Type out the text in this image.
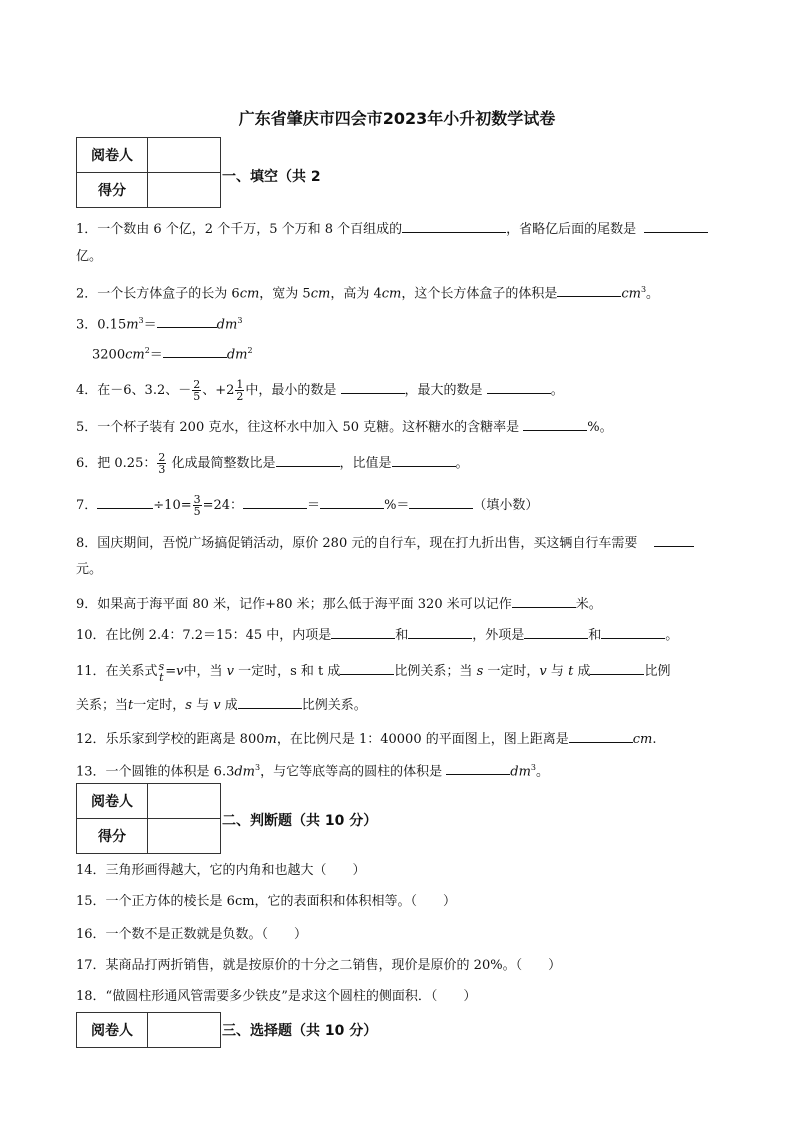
广东省肇庆市四会市2023年小升初数学试卷
阅卷人	
得分	
一、填空（共 2
1．一个数由 6 个亿，2 个千万，5 个万和 8 个百组成的	，省略亿后面的尾数是
亿。
2．一个长方体盒子的长为 6cm，宽为 5cm，高为 4cm，这个长方体盒子的体积是	$cm^3$。
3．$0.15m^3=$	$dm^3$
$3200cm^2=$	$dm^2$
4．在－6、3.2、－ $\frac{2}{5}$ 、$+2 \frac{1}{2}$ 中，最小的数是	，最大的数是	。
5．一个杯子装有 200 克水，往这杯水中加入 50 克糖。这杯糖水的含糖率是	%。
6．把 0.25： $\frac{2}{3}$ 化成最简整数比是	，比值是	。
7．	$\div 10= \frac{3}{5} =24$：	＝	%＝	（填小数）
8．国庆期间，吾悦广场搞促销活动，原价 280 元的自行车，现在打九折出售，买这辆自行车需要
元。
9．如果高于海平面 80 米，记作+80 米；那么低于海平面 320 米可以记作	米。
10．在比例 2.4：7.2＝15：45 中，内项是	和	，外项是	和	。
11．在关系式 s
t =v中，当 v 一定时，s 和 t 成	比例关系；当 s 一定时，v 与 t 成	比例
关系；当t一定时，s 与 v 成	比例关系。
12．乐乐家到学校的距离是 800m，在比例尺是 1：40000 的平面图上，图上距离是	cm.
13．一个圆锥的体积是 $6.3dm^3$，与它等底等高的圆柱的体积是	$dm^3$。
阅卷人	
得分	
二、判断题（共 10 分）
14．三角形画得越大，它的内角和也越大（　　）
15．一个正方体的棱长是 6cm，它的表面积和体积相等。（　　）
16．一个数不是正数就是负数。（　　）
17．某商品打两折销售，就是按原价的十分之二销售，现价是原价的 20%。（　　）
18．“做圆柱形通风管需要多少铁皮”是求这个圆柱的侧面积．（　　）
阅卷人		三、选择题（共 10 分）
